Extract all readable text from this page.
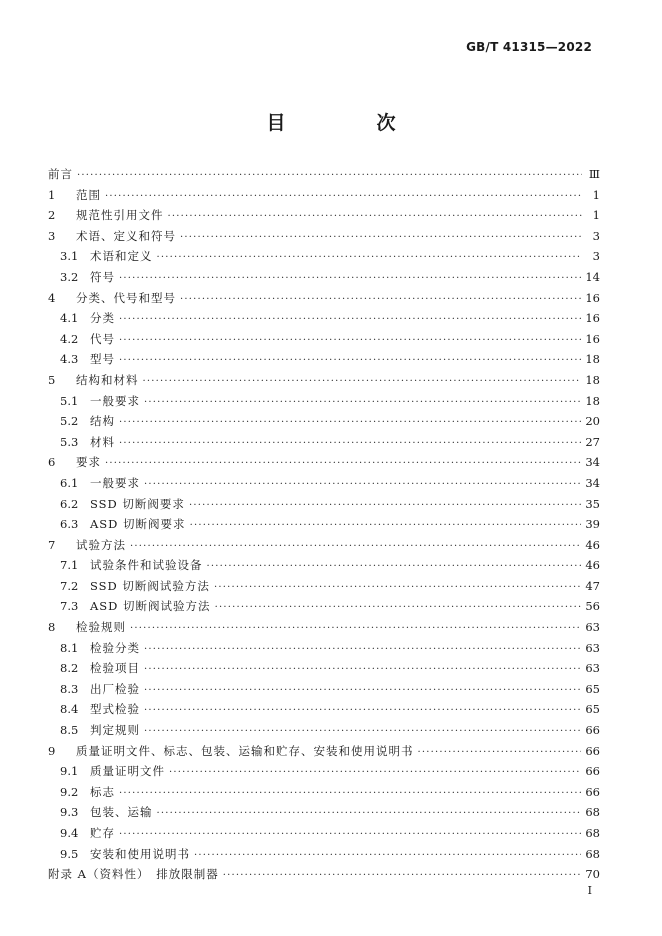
GB/T 41315—2022
目　次
前言 ·····	Ⅲ
1	范围 ·····	1
2	规范性引用文件 ·····	1
3	术语、定义和符号 ·····	3
3.1	术语和定义 ·····	3
3.2	符号 ·····	14
4	分类、代号和型号 ·····	16
4.1	分类 ·····	16
4.2	代号 ·····	16
4.3	型号 ·····	18
5	结构和材料 ·····	18
5.1	一般要求 ·····	18
5.2	结构 ·····	20
5.3	材料 ·····	27
6	要求 ·····	34
6.1	一般要求 ·····	34
6.2	SSD 切断阀要求 ·····	35
6.3	ASD 切断阀要求 ·····	39
7	试验方法 ·····	46
7.1	试验条件和试验设备 ·····	46
7.2	SSD 切断阀试验方法 ·····	47
7.3	ASD 切断阀试验方法 ·····	56
8	检验规则 ·····	63
8.1	检验分类 ·····	63
8.2	检验项目 ·····	63
8.3	出厂检验 ·····	65
8.4	型式检验 ·····	65
8.5	判定规则 ·····	66
9	质量证明文件、标志、包装、运输和贮存、安装和使用说明书 ·····	66
9.1	质量证明文件 ·····	66
9.2	标志 ·····	66
9.3	包装、运输 ·····	68
9.4	贮存 ·····	68
9.5	安装和使用说明书 ·····	68
附录 A（资料性）　排放限制器 ·····	70
I
